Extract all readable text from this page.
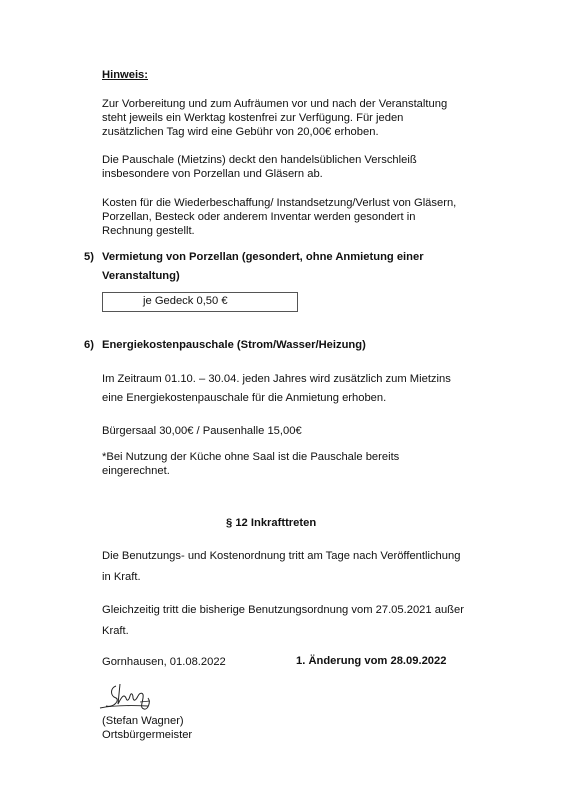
Hinweis:
Zur Vorbereitung und zum Aufräumen vor und nach der Veranstaltung
steht jeweils ein Werktag kostenfrei zur Verfügung. Für jeden
zusätzlichen Tag wird eine Gebühr von 20,00€ erhoben.
Die Pauschale (Mietzins) deckt den handelsüblichen Verschleiß
insbesondere von Porzellan und Gläsern ab.
Kosten für die Wiederbeschaffung/ Instandsetzung/Verlust von Gläsern,
Porzellan, Besteck oder anderem Inventar werden gesondert in
Rechnung gestellt.
5) Vermietung von Porzellan (gesondert, ohne Anmietung einer
Veranstaltung)
je Gedeck 0,50 €
6) Energiekostenpauschale (Strom/Wasser/Heizung)
Im Zeitraum 01.10. – 30.04. jeden Jahres wird zusätzlich zum Mietzins
eine Energiekostenpauschale für die Anmietung erhoben.
Bürgersaal 30,00€ / Pausenhalle 15,00€
*Bei Nutzung der Küche ohne Saal ist die Pauschale bereits
eingerechnet.
§ 12 Inkrafttreten
Die Benutzungs- und Kostenordnung tritt am Tage nach Veröffentlichung
in Kraft.
Gleichzeitig tritt die bisherige Benutzungsordnung vom 27.05.2021 außer
Kraft.
Gornhausen, 01.08.2022	1. Änderung vom 28.09.2022
(Stefan Wagner)
Ortsbürgermeister
